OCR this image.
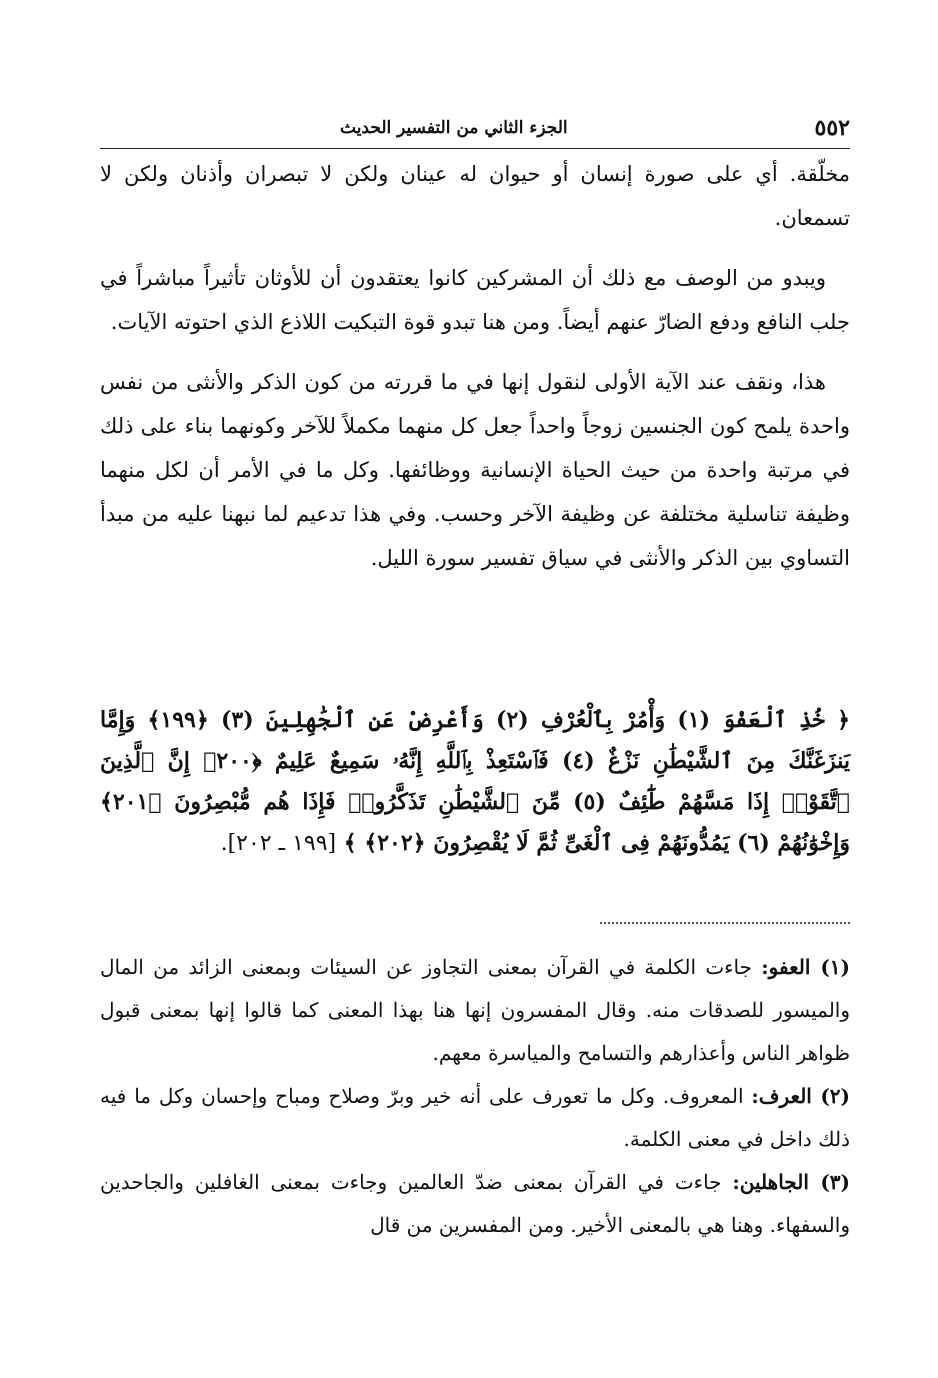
٥٥٢
الجزء الثاني من التفسير الحديث

مخلّقة. أي على صورة إنسان أو حيوان له عينان ولكن لا تبصران وأذنان ولكن لا تسمعان.

ويبدو من الوصف مع ذلك أن المشركين كانوا يعتقدون أن للأوثان تأثيراً مباشراً في جلب النافع ودفع الضارّ عنهم أيضاً. ومن هنا تبدو قوة التبكيت اللاذع الذي احتوته الآيات.

هذا، ونقف عند الآية الأولى لنقول إنها في ما قررته من كون الذكر والأنثى من نفس واحدة يلمح كون الجنسين زوجاً واحداً جعل كل منهما مكملاً للآخر وكونهما بناء على ذلك في مرتبة واحدة من حيث الحياة الإنسانية ووظائفها. وكل ما في الأمر أن لكل منهما وظيفة تناسلية مختلفة عن وظيفة الآخر وحسب. وفي هذا تدعيم لما نبهنا عليه من مبدأ التساوي بين الذكر والأنثى في سياق تفسير سورة الليل.

﴿ خُذِ ٱلْعَفْوَ (١) وَأْمُرْ بِٱلْعُرْفِ (٢) وَأَعْرِضْ عَنِ ٱلْجَٰهِلِينَ (٣) ﴿١٩٩﴾ وَإِمَّا يَنزَغَنَّكَ مِنَ ٱلشَّيْطَٰنِ نَزْغٌ (٤) فَٱسْتَعِذْ بِٱللَّهِ إِنَّهُۥ سَمِيعٌ عَلِيمٌ ﴿٢٠٠﴾ إِنَّ ٱلَّذِينَ ٱتَّقَوْا۟ إِذَا مَسَّهُمْ طَٰٓئِفٌ (٥) مِّنَ ٱلشَّيْطَٰنِ تَذَكَّرُوا۟ فَإِذَا هُم مُّبْصِرُونَ ﴿٢٠١﴾ وَإِخْوَٰنُهُمْ (٦) يَمُدُّونَهُمْ فِى ٱلْغَىِّ ثُمَّ لَا يُقْصِرُونَ ﴿٢٠٢﴾ ﴾ [١٩٩ ـ ٢٠٢].

(١) العفو: جاءت الكلمة في القرآن بمعنى التجاوز عن السيئات وبمعنى الزائد من المال والميسور للصدقات منه. وقال المفسرون إنها هنا بهذا المعنى كما قالوا إنها بمعنى قبول ظواهر الناس وأعذارهم والتسامح والمياسرة معهم.

(٢) العرف: المعروف. وكل ما تعورف على أنه خير وبرّ وصلاح ومباح وإحسان وكل ما فيه ذلك داخل في معنى الكلمة.

(٣) الجاهلين: جاءت في القرآن بمعنى ضدّ العالمين وجاءت بمعنى الغافلين والجاحدين والسفهاء. وهنا هي بالمعنى الأخير. ومن المفسرين من قال
